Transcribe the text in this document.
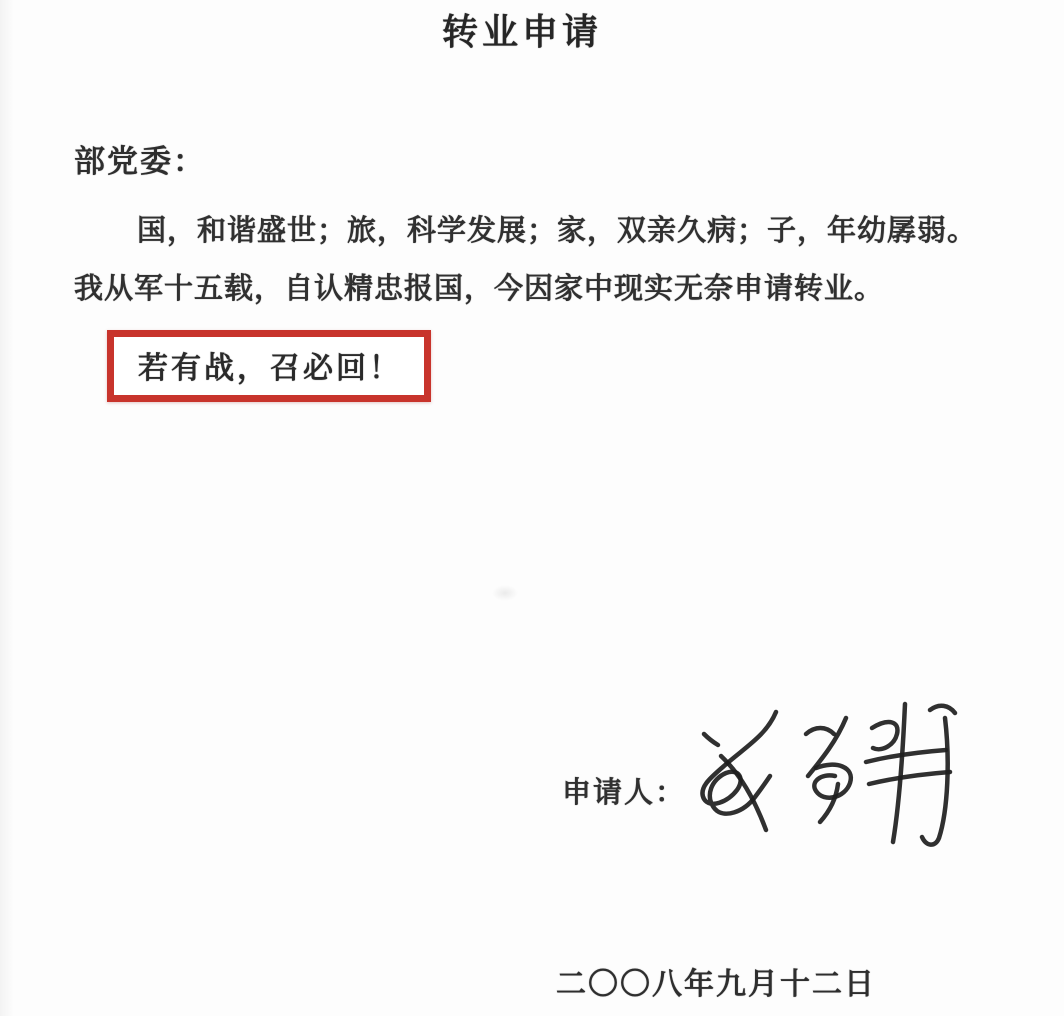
转业申请
部党委：
国，和谐盛世；旅，科学发展；家，双亲久病；子，年幼孱弱。
我从军十五载，自认精忠报国，今因家中现实无奈申请转业。
若有战，召必回！
申请人：
二〇〇八年九月十二日
